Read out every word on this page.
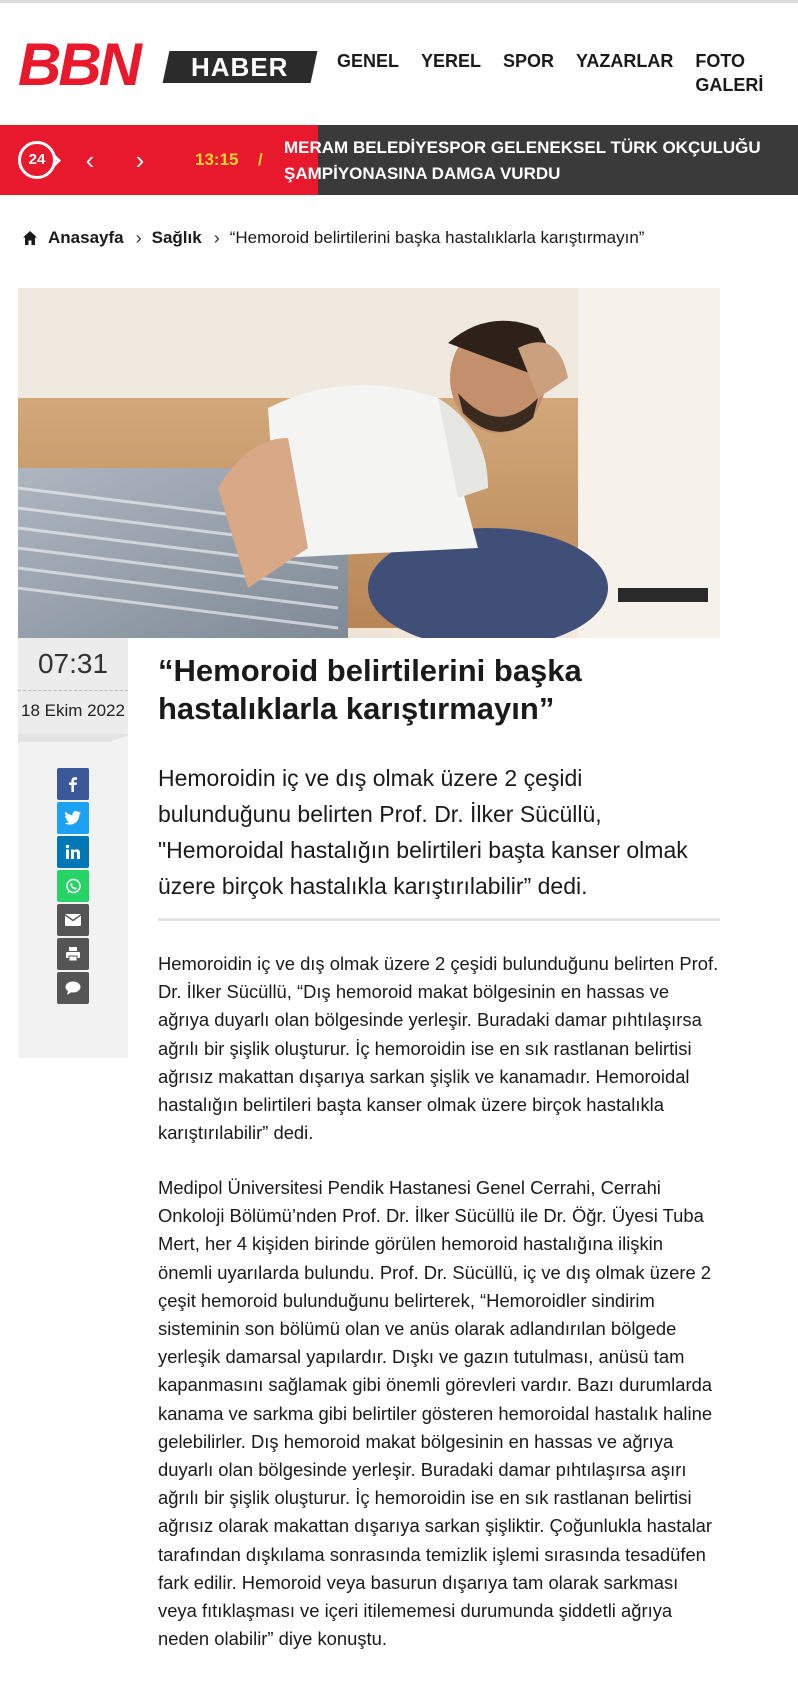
BBN	HABER	GENEL YEREL SPOR YAZARLAR FOTO GALERİ
24	‹ ›	13:15 /
MERAM BELEDİYESPOR GELENEKSEL TÜRK OKÇULUĞU ŞAMPİYONASINA DAMGA VURDU
Anasayfa › Sağlık › “Hemoroid belirtilerini başka hastalıklarla karıştırmayın”
07:31
18 Ekim 2022
“Hemoroid belirtilerini başka hastalıklarla karıştırmayın”

Hemoroidin iç ve dış olmak üzere 2 çeşidi bulunduğunu belirten Prof. Dr. İlker Sücüllü, "Hemoroidal hastalığın belirtileri başta kanser olmak üzere birçok hastalıkla karıştırılabilir” dedi.

Hemoroidin iç ve dış olmak üzere 2 çeşidi bulunduğunu belirten Prof. Dr. İlker Sücüllü, “Dış hemoroid makat bölgesinin en hassas ve ağrıya duyarlı olan bölgesinde yerleşir. Buradaki damar pıhtılaşırsa ağrılı bir şişlik oluşturur. İç hemoroidin ise en sık rastlanan belirtisi ağrısız makattan dışarıya sarkan şişlik ve kanamadır. Hemoroidal hastalığın belirtileri başta kanser olmak üzere birçok hastalıkla karıştırılabilir” dedi.

Medipol Üniversitesi Pendik Hastanesi Genel Cerrahi, Cerrahi Onkoloji Bölümü’nden Prof. Dr. İlker Sücüllü ile Dr. Öğr. Üyesi Tuba Mert, her 4 kişiden birinde görülen hemoroid hastalığına ilişkin önemli uyarılarda bulundu. Prof. Dr. Sücüllü, iç ve dış olmak üzere 2 çeşit hemoroid bulunduğunu belirterek, “Hemoroidler sindirim sisteminin son bölümü olan ve anüs olarak adlandırılan bölgede yerleşik damarsal yapılardır. Dışkı ve gazın tutulması, anüsü tam kapanmasını sağlamak gibi önemli görevleri vardır. Bazı durumlarda kanama ve sarkma gibi belirtiler gösteren hemoroidal hastalık haline gelebilirler. Dış hemoroid makat bölgesinin en hassas ve ağrıya duyarlı olan bölgesinde yerleşir. Buradaki damar pıhtılaşırsa aşırı ağrılı bir şişlik oluşturur. İç hemoroidin ise en sık rastlanan belirtisi ağrısız olarak makattan dışarıya sarkan şişliktir. Çoğunlukla hastalar tarafından dışkılama sonrasında temizlik işlemi sırasında tesadüfen fark edilir. Hemoroid veya basurun dışarıya tam olarak sarkması veya fıtıklaşması ve içeri itilememesi durumunda şiddetli ağrıya neden olabilir” diye konuştu.
